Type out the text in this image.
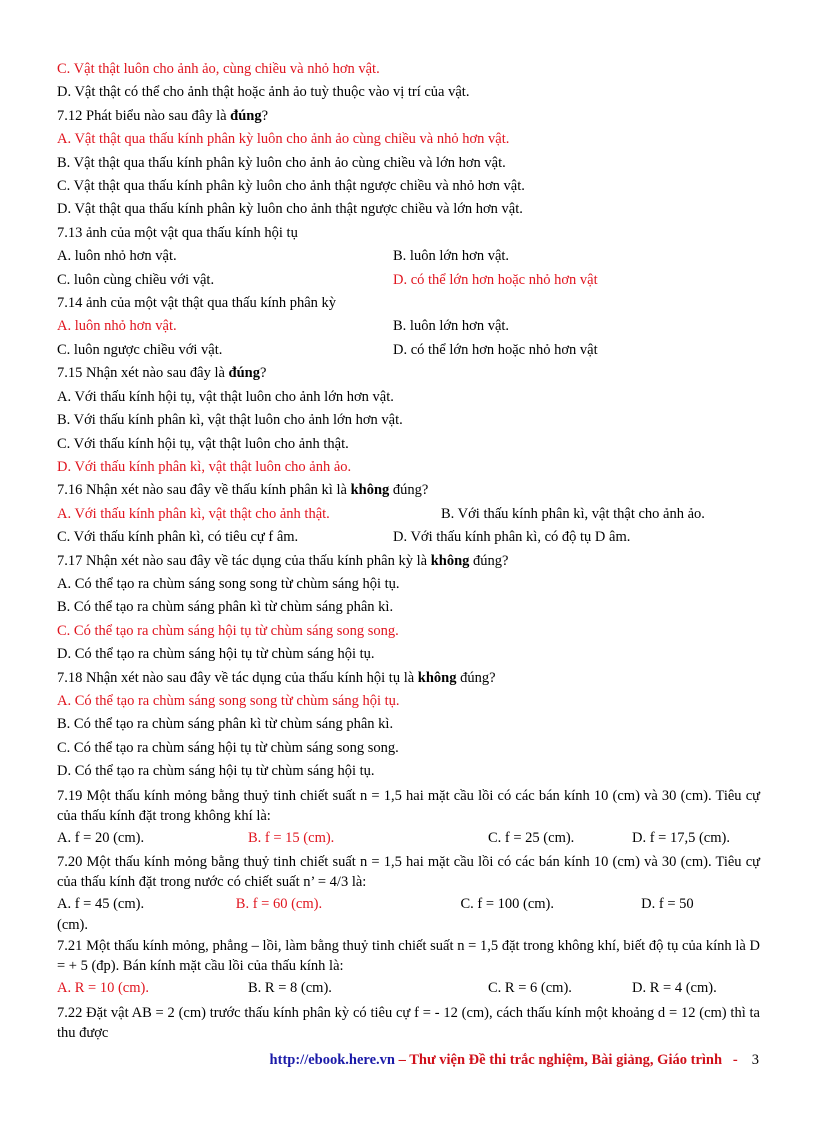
C. Vật thật luôn cho ảnh ảo, cùng chiều và nhỏ hơn vật.
D. Vật thật có thể cho ảnh thật hoặc ảnh ảo tuỳ thuộc vào vị trí của vật.
7.12 Phát biểu nào sau đây là đúng?
A. Vật thật qua thấu kính phân kỳ luôn cho ảnh ảo cùng chiều và nhỏ hơn vật.
B. Vật thật qua thấu kính phân kỳ luôn cho ảnh ảo cùng chiều và lớn hơn vật.
C. Vật thật qua thấu kính phân kỳ luôn cho ảnh thật ngược chiều và nhỏ hơn vật.
D. Vật thật qua thấu kính phân kỳ luôn cho ảnh thật ngược chiều và lớn hơn vật.
7.13 ảnh của một vật qua thấu kính hội tụ
A. luôn nhỏ hơn vật.	B. luôn lớn hơn vật.
C. luôn cùng chiều với vật.	D. có thể lớn hơn hoặc nhỏ hơn vật
7.14 ảnh của một vật thật qua thấu kính phân kỳ
A. luôn nhỏ hơn vật.	B. luôn lớn hơn vật.
C. luôn ngược chiều với vật.	D. có thể lớn hơn hoặc nhỏ hơn vật
7.15 Nhận xét nào sau đây là đúng?
A. Với thấu kính hội tụ, vật thật luôn cho ảnh lớn hơn vật.
B. Với thấu kính phân kì, vật thật luôn cho ảnh lớn hơn vật.
C. Với thấu kính hội tụ, vật thật luôn cho ảnh thật.
D. Với thấu kính phân kì, vật thật luôn cho ảnh ảo.
7.16 Nhận xét nào sau đây về thấu kính phân kì là không đúng?
A. Với thấu kính phân kì, vật thật cho ảnh thật.	B. Với thấu kính phân kì, vật thật cho ảnh ảo.
C. Với thấu kính phân kì, có tiêu cự f âm.	D. Với thấu kính phân kì, có độ tụ D âm.
7.17 Nhận xét nào sau đây về tác dụng của thấu kính phân kỳ là không đúng?
A. Có thể tạo ra chùm sáng song song từ chùm sáng hội tụ.
B. Có thể tạo ra chùm sáng phân kì từ chùm sáng phân kì.
C. Có thể tạo ra chùm sáng hội tụ từ chùm sáng song song.
D. Có thể tạo ra chùm sáng hội tụ từ chùm sáng hội tụ.
7.18 Nhận xét nào sau đây về tác dụng của thấu kính hội tụ là không đúng?
A. Có thể tạo ra chùm sáng song song từ chùm sáng hội tụ.
B. Có thể tạo ra chùm sáng phân kì từ chùm sáng phân kì.
C. Có thể tạo ra chùm sáng hội tụ từ chùm sáng song song.
D. Có thể tạo ra chùm sáng hội tụ từ chùm sáng hội tụ.
7.19 Một thấu kính mỏng bằng thuỷ tinh chiết suất n = 1,5 hai mặt cầu lồi có các bán kính 10 (cm) và 30 (cm). Tiêu cự của thấu kính đặt trong không khí là:
A. f = 20 (cm).	B. f = 15 (cm).	C. f = 25 (cm).	D. f = 17,5 (cm).
7.20 Một thấu kính mỏng bằng thuỷ tinh chiết suất n = 1,5 hai mặt cầu lồi có các bán kính 10 (cm) và 30 (cm). Tiêu cự của thấu kính đặt trong nước có chiết suất n’ = 4/3 là:
A. f = 45 (cm).	B. f = 60 (cm).	C. f = 100 (cm).	D. f = 50
(cm).
7.21 Một thấu kính mỏng, phẳng – lồi, làm bằng thuỷ tinh chiết suất n = 1,5 đặt trong không khí, biết độ tụ của kính là D = + 5 (đp). Bán kính mặt cầu lồi của thấu kính là:
A. R = 10 (cm).	B. R = 8 (cm).	C. R = 6 (cm).	D. R = 4 (cm).
7.22 Đặt vật AB = 2 (cm) trước thấu kính phân kỳ có tiêu cự f = - 12 (cm), cách thấu kính một khoảng d = 12 (cm) thì ta thu được
http://ebook.here.vn – Thư viện Đề thi trắc nghiệm, Bài giảng, Giáo trình   - 3
